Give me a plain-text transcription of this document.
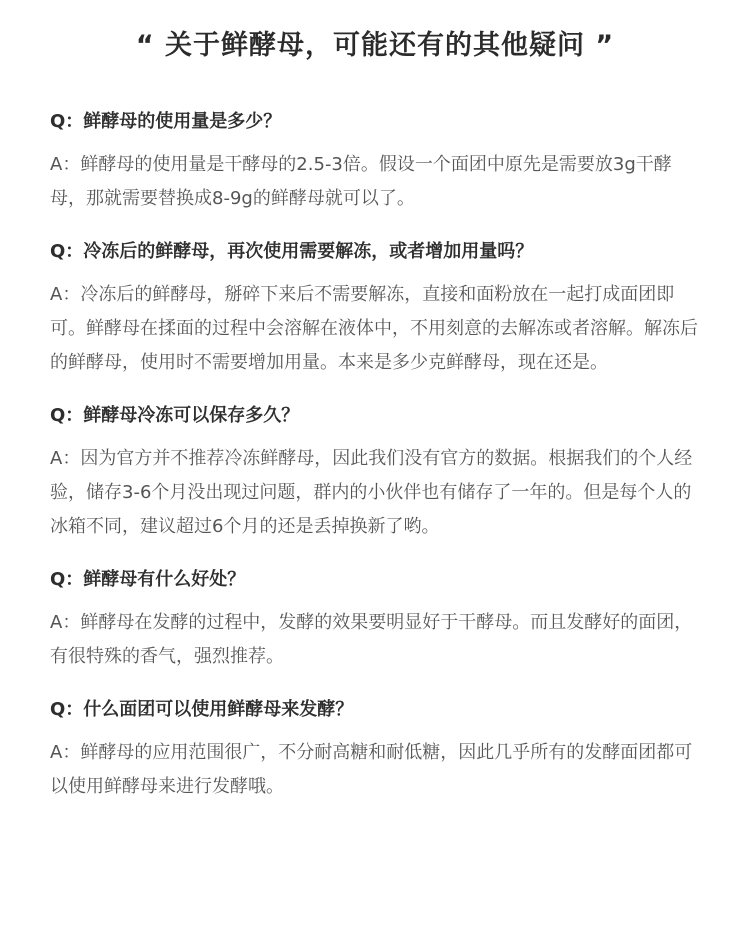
“ 关于鲜酵母，可能还有的其他疑问 ”

Q：鲜酵母的使用量是多少？

A：鲜酵母的使用量是干酵母的2.5-3倍。假设一个面团中原先是需要放3g干酵母，那就需要替换成8-9g的鲜酵母就可以了。

Q：冷冻后的鲜酵母，再次使用需要解冻，或者增加用量吗？

A：冷冻后的鲜酵母，掰碎下来后不需要解冻，直接和面粉放在一起打成面团即可。鲜酵母在揉面的过程中会溶解在液体中，不用刻意的去解冻或者溶解。解冻后的鲜酵母，使用时不需要增加用量。本来是多少克鲜酵母，现在还是。

Q：鲜酵母冷冻可以保存多久？

A：因为官方并不推荐冷冻鲜酵母，因此我们没有官方的数据。根据我们的个人经验，储存3-6个月没出现过问题，群内的小伙伴也有储存了一年的。但是每个人的冰箱不同，建议超过6个月的还是丢掉换新了哟。

Q：鲜酵母有什么好处？

A：鲜酵母在发酵的过程中，发酵的效果要明显好于干酵母。而且发酵好的面团，有很特殊的香气，强烈推荐。

Q：什么面团可以使用鲜酵母来发酵？

A：鲜酵母的应用范围很广，不分耐高糖和耐低糖，因此几乎所有的发酵面团都可以使用鲜酵母来进行发酵哦。
